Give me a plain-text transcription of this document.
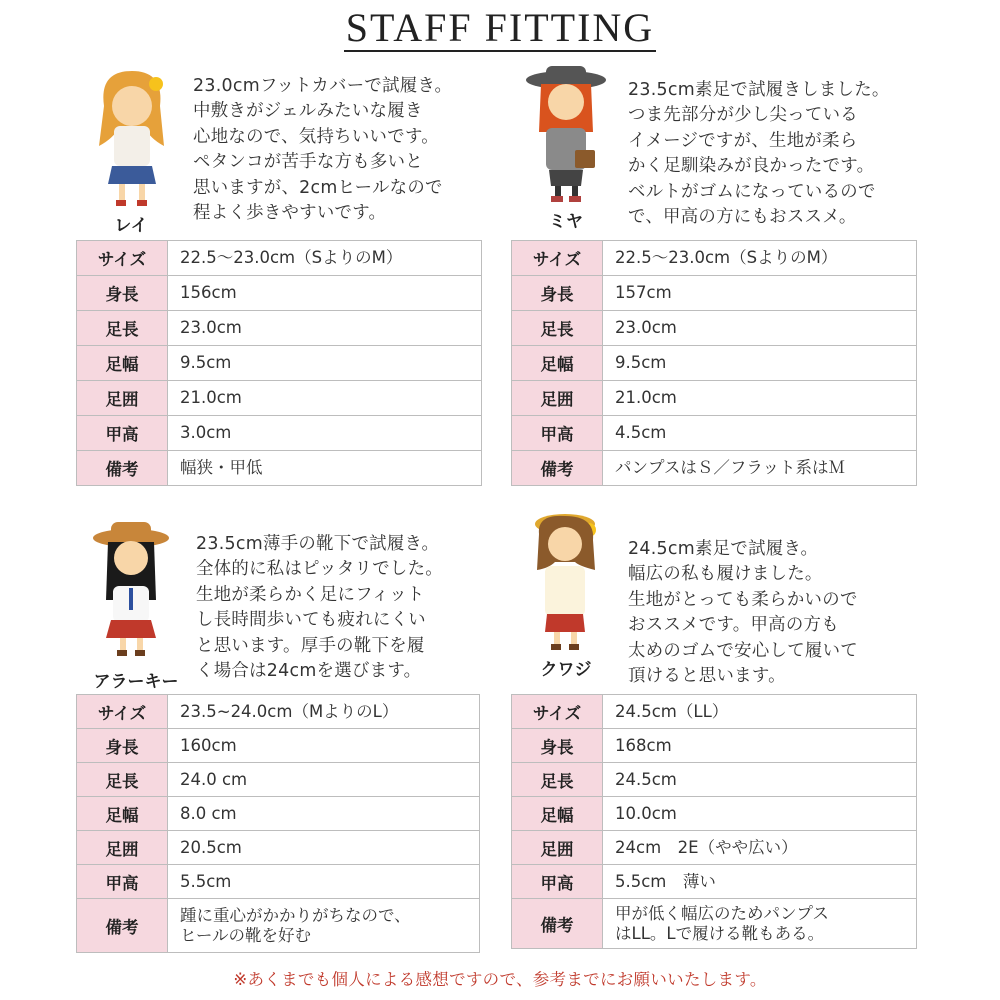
STAFF FITTING
レイ
23.0cmフットカバーで試履き。
中敷きがジェルみたいな履き
心地なので、気持ちいいです。
ペタンコが苦手な方も多いと
思いますが、2cmヒールなので
程よく歩きやすいです。
サイズ	22.5～23.0cm（SよりのM）

身長	156cm

足長	23.0cm

足幅	9.5cm

足囲	21.0cm

甲高	3.0cm

備考	幅狭・甲低
ミヤ
23.5cm素足で試履きしました。
つま先部分が少し尖っている
イメージですが、生地が柔ら
かく足馴染みが良かったです。
ベルトがゴムになっているので
で、甲高の方にもおススメ。
サイズ	22.5～23.0cm（SよりのM）

身長	157cm

足長	23.0cm

足幅	9.5cm

足囲	21.0cm

甲高	4.5cm

備考	パンプスはＳ／フラット系はＭ
アラーキー
23.5cm薄手の靴下で試履き。
全体的に私はピッタリでした。
生地が柔らかく足にフィット
し長時間歩いても疲れにくい
と思います。厚手の靴下を履
く場合は24cmを選びます。
サイズ	23.5~24.0cm（MよりのL）

身長	160cm

足長	24.0 cm

足幅	8.0 cm

足囲	20.5cm

甲高	5.5cm

備考	踵に重心がかかりがちなので、
ヒールの靴を好む
クワジ
24.5cm素足で試履き。
幅広の私も履けました。
生地がとっても柔らかいので
おススメです。甲高の方も
太めのゴムで安心して履いて
頂けると思います。
サイズ	24.5cm（LL）

身長	168cm

足長	24.5cm

足幅	10.0cm

足囲	24cm　2E（やや広い）

甲高	5.5cm　薄い

備考	甲が低く幅広のためパンプス
はLL。Lで履ける靴もある。
※あくまでも個人による感想ですので、参考までにお願いいたします。
